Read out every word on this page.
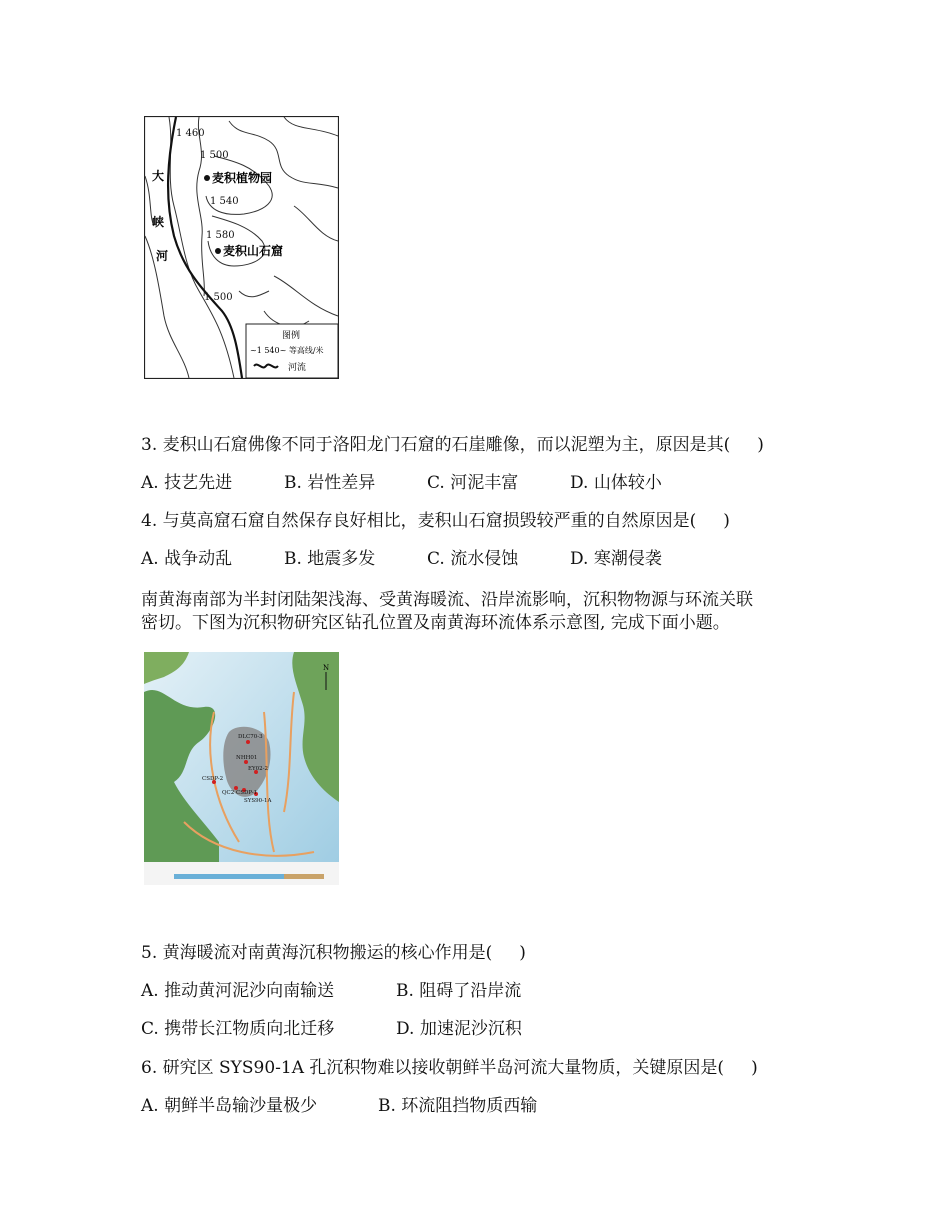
图例
~1 540~ 等高线/米
河流
1 460
1 500
1 540
1 580
1 500
麦积植物园
麦积山石窟
大
峡
河
3. 麦积山石窟佛像不同于洛阳龙门石窟的石崖雕像，而以泥塑为主，原因是其(     )
A. 技艺先进	B. 岩性差异	C. 河泥丰富	D. 山体较小
4. 与莫高窟石窟自然保存良好相比，麦积山石窟损毁较严重的自然原因是(     )
A. 战争动乱	B. 地震多发	C. 流水侵蚀	D. 寒潮侵袭
南黄海南部为半封闭陆架浅海、受黄海暖流、沿岸流影响，沉积物物源与环流关联
密切。下图为沉积物研究区钻孔位置及南黄海环流体系示意图, 完成下面小题。
DLC70-3
NHH01
EY02-2
CSDP-2
QC2 CSDP-1
SYS90-1A
N
5. 黄海暖流对南黄海沉积物搬运的核心作用是(     )
A. 推动黄河泥沙向南输送	B. 阻碍了沿岸流
C. 携带长江物质向北迁移	D. 加速泥沙沉积
6. 研究区 SYS90-1A 孔沉积物难以接收朝鲜半岛河流大量物质，关键原因是(     )
A. 朝鲜半岛输沙量极少	B. 环流阻挡物质西输
